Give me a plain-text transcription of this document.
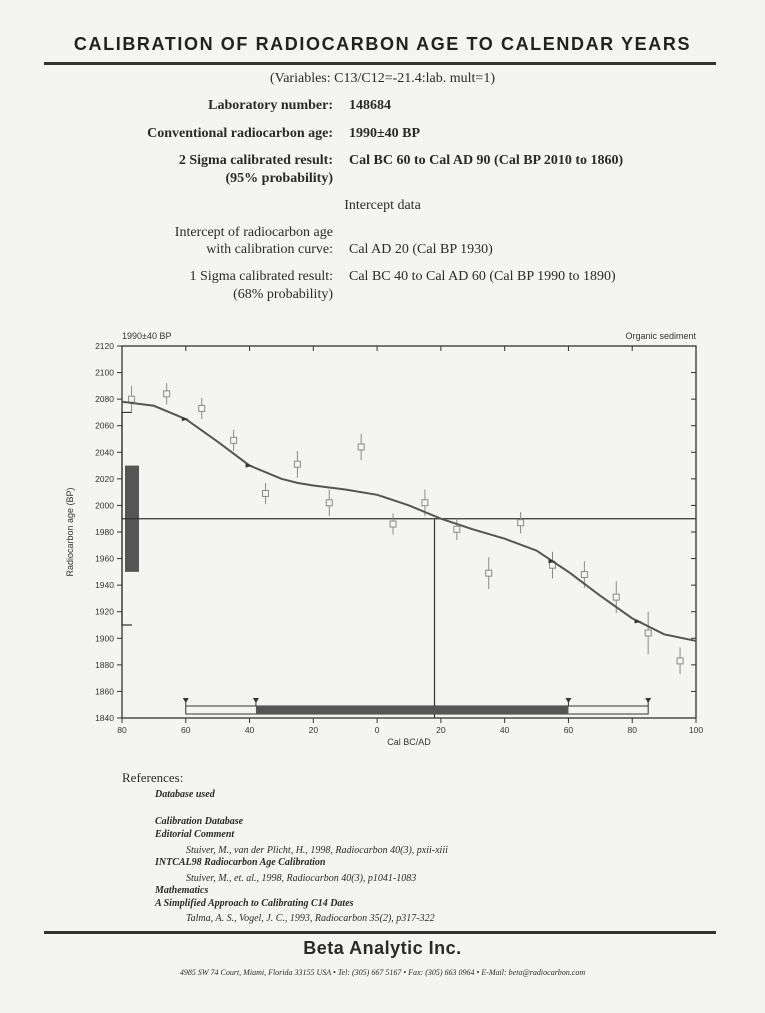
CALIBRATION OF RADIOCARBON AGE TO CALENDAR YEARS
(Variables: C13/C12=-21.4:lab. mult=1)
Laboratory number: 148684
Conventional radiocarbon age: 1990±40 BP
2 Sigma calibrated result:
(95% probability)
Cal BC 60 to Cal AD 90 (Cal BP 2010 to 1860)
Intercept data
Intercept of radiocarbon age
with calibration curve: Cal AD 20 (Cal BP 1930)
1 Sigma calibrated result:
(68% probability)
Cal BC 40 to Cal AD 60 (Cal BP 1990 to 1890)
1990±40 BP	Organic sediment
1840
1860
1880
1900
1920
1940
1960
1980
2000
2020
2040
2060
2080
2100
2120
80	60	40	20	0	20	40	60	80	100
Cal BC/AD
Radiocarbon age (BP)
References:
Database used
Calibration Database
Editorial Comment
Stuiver, M., van der Plicht, H., 1998, Radiocarbon 40(3), pxii-xiii
INTCAL98 Radiocarbon Age Calibration
Stuiver, M., et. al., 1998, Radiocarbon 40(3), p1041-1083
Mathematics
A Simplified Approach to Calibrating C14 Dates
Talma, A. S., Vogel, J. C., 1993, Radiocarbon 35(2), p317-322
Beta Analytic Inc.
4985 SW 74 Court, Miami, Florida 33155 USA • Tel: (305) 667 5167 • Fax: (305) 663 0964 • E-Mail: beta@radiocarbon.com
